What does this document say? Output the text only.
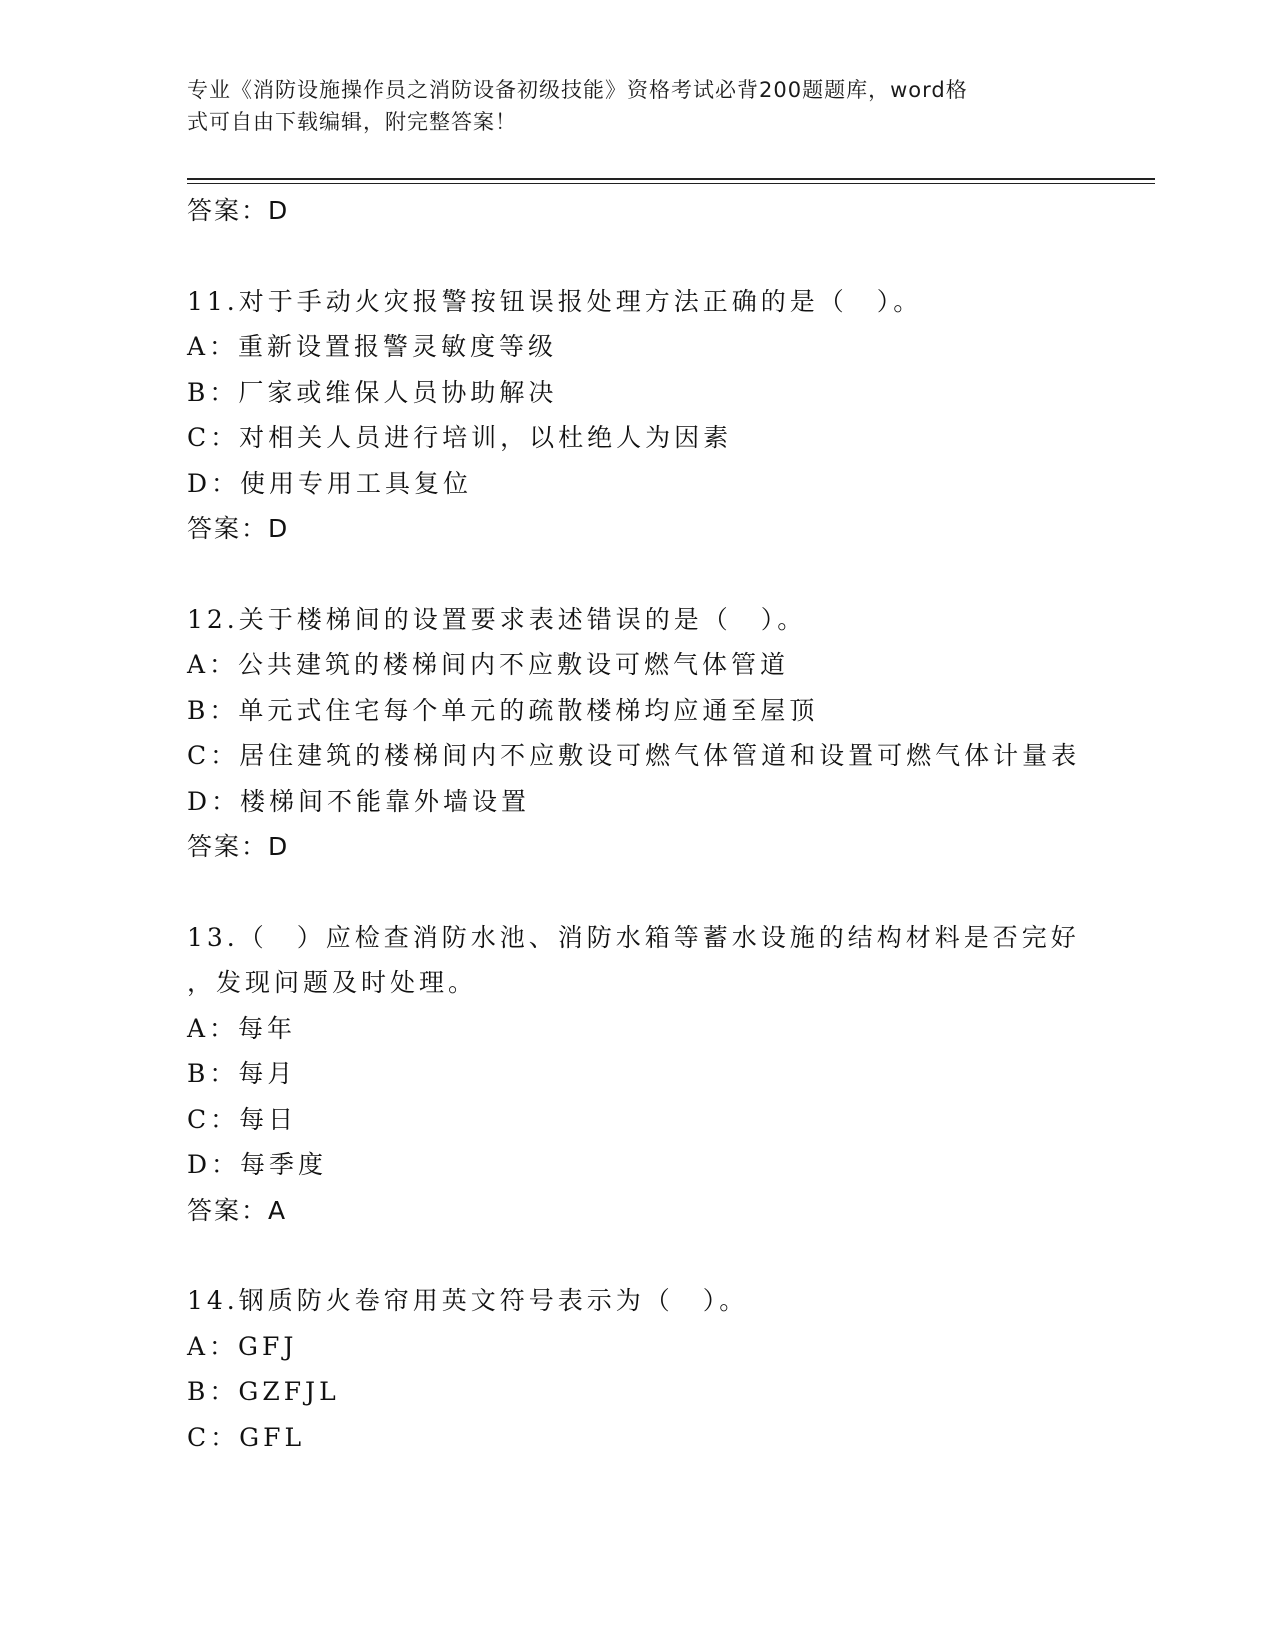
专业《消防设施操作员之消防设备初级技能》资格考试必背200题题库，word格
式可自由下载编辑，附完整答案！
答案：D
11.对于手动火灾报警按钮误报处理方法正确的是（　）。
A：重新设置报警灵敏度等级
B：厂家或维保人员协助解决
C：对相关人员进行培训，以杜绝人为因素
D：使用专用工具复位
答案：D
12.关于楼梯间的设置要求表述错误的是（　）。
A：公共建筑的楼梯间内不应敷设可燃气体管道
B：单元式住宅每个单元的疏散楼梯均应通至屋顶
C：居住建筑的楼梯间内不应敷设可燃气体管道和设置可燃气体计量表
D：楼梯间不能靠外墙设置
答案：D
13.（　）应检查消防水池、消防水箱等蓄水设施的结构材料是否完好
，发现问题及时处理。
A：每年
B：每月
C：每日
D：每季度
答案：A
14.钢质防火卷帘用英文符号表示为（　）。
A：GFJ
B：GZFJL
C：GFL
